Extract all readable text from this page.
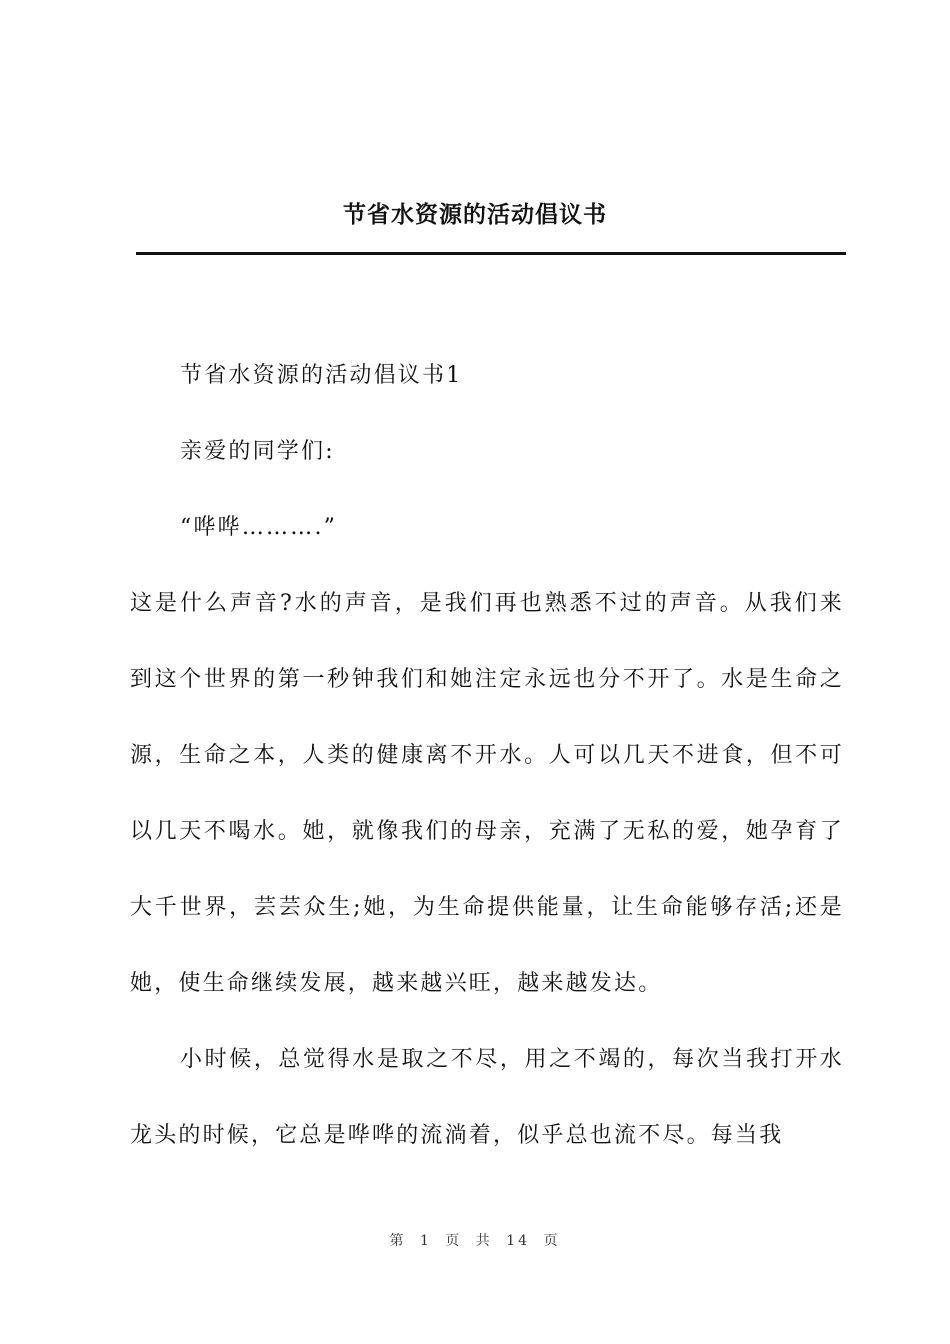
节省水资源的活动倡议书

节省水资源的活动倡议书1

亲爱的同学们:

“哗哗……….”

这是什么声音?水的声音，是我们再也熟悉不过的声音。从我们来到这个世界的第一秒钟我们和她注定永远也分不开了。水是生命之源，生命之本，人类的健康离不开水。人可以几天不进食，但不可以几天不喝水。她，就像我们的母亲，充满了无私的爱，她孕育了大千世界，芸芸众生;她，为生命提供能量，让生命能够存活;还是她，使生命继续发展，越来越兴旺，越来越发达。

小时候，总觉得水是取之不尽，用之不竭的，每次当我打开水龙头的时候，它总是哗哗的流淌着，似乎总也流不尽。每当我

第 1 页 共 14 页
